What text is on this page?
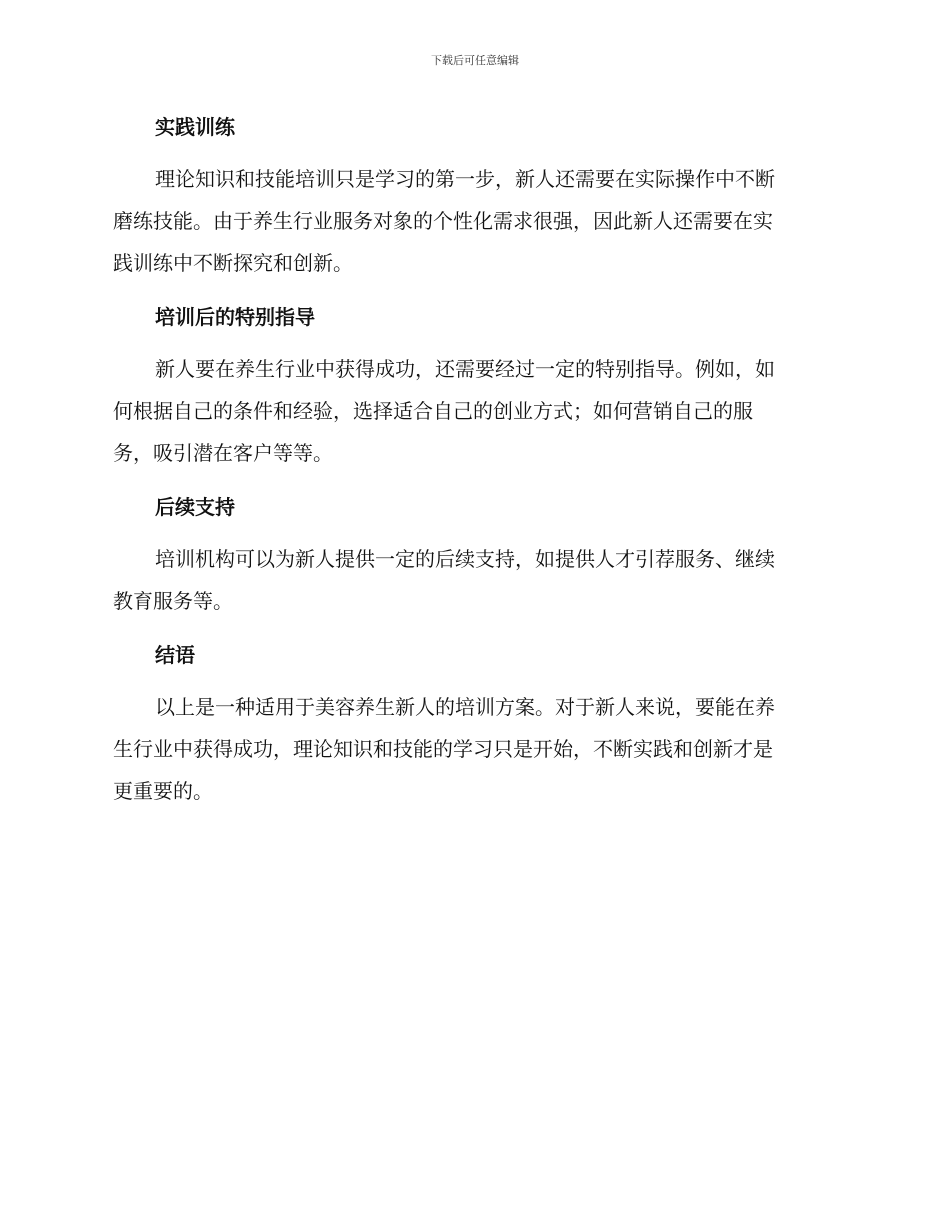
下载后可任意编辑
实践训练

理论知识和技能培训只是学习的第一步，新人还需要在实际操作中不断
磨练技能。由于养生行业服务对象的个性化需求很强，因此新人还需要在实
践训练中不断探究和创新。

培训后的特别指导

新人要在养生行业中获得成功，还需要经过一定的特别指导。例如，如
何根据自己的条件和经验，选择适合自己的创业方式；如何营销自己的服
务，吸引潜在客户等等。

后续支持

培训机构可以为新人提供一定的后续支持，如提供人才引荐服务、继续
教育服务等。

结语

以上是一种适用于美容养生新人的培训方案。对于新人来说，要能在养
生行业中获得成功，理论知识和技能的学习只是开始，不断实践和创新才是
更重要的。
